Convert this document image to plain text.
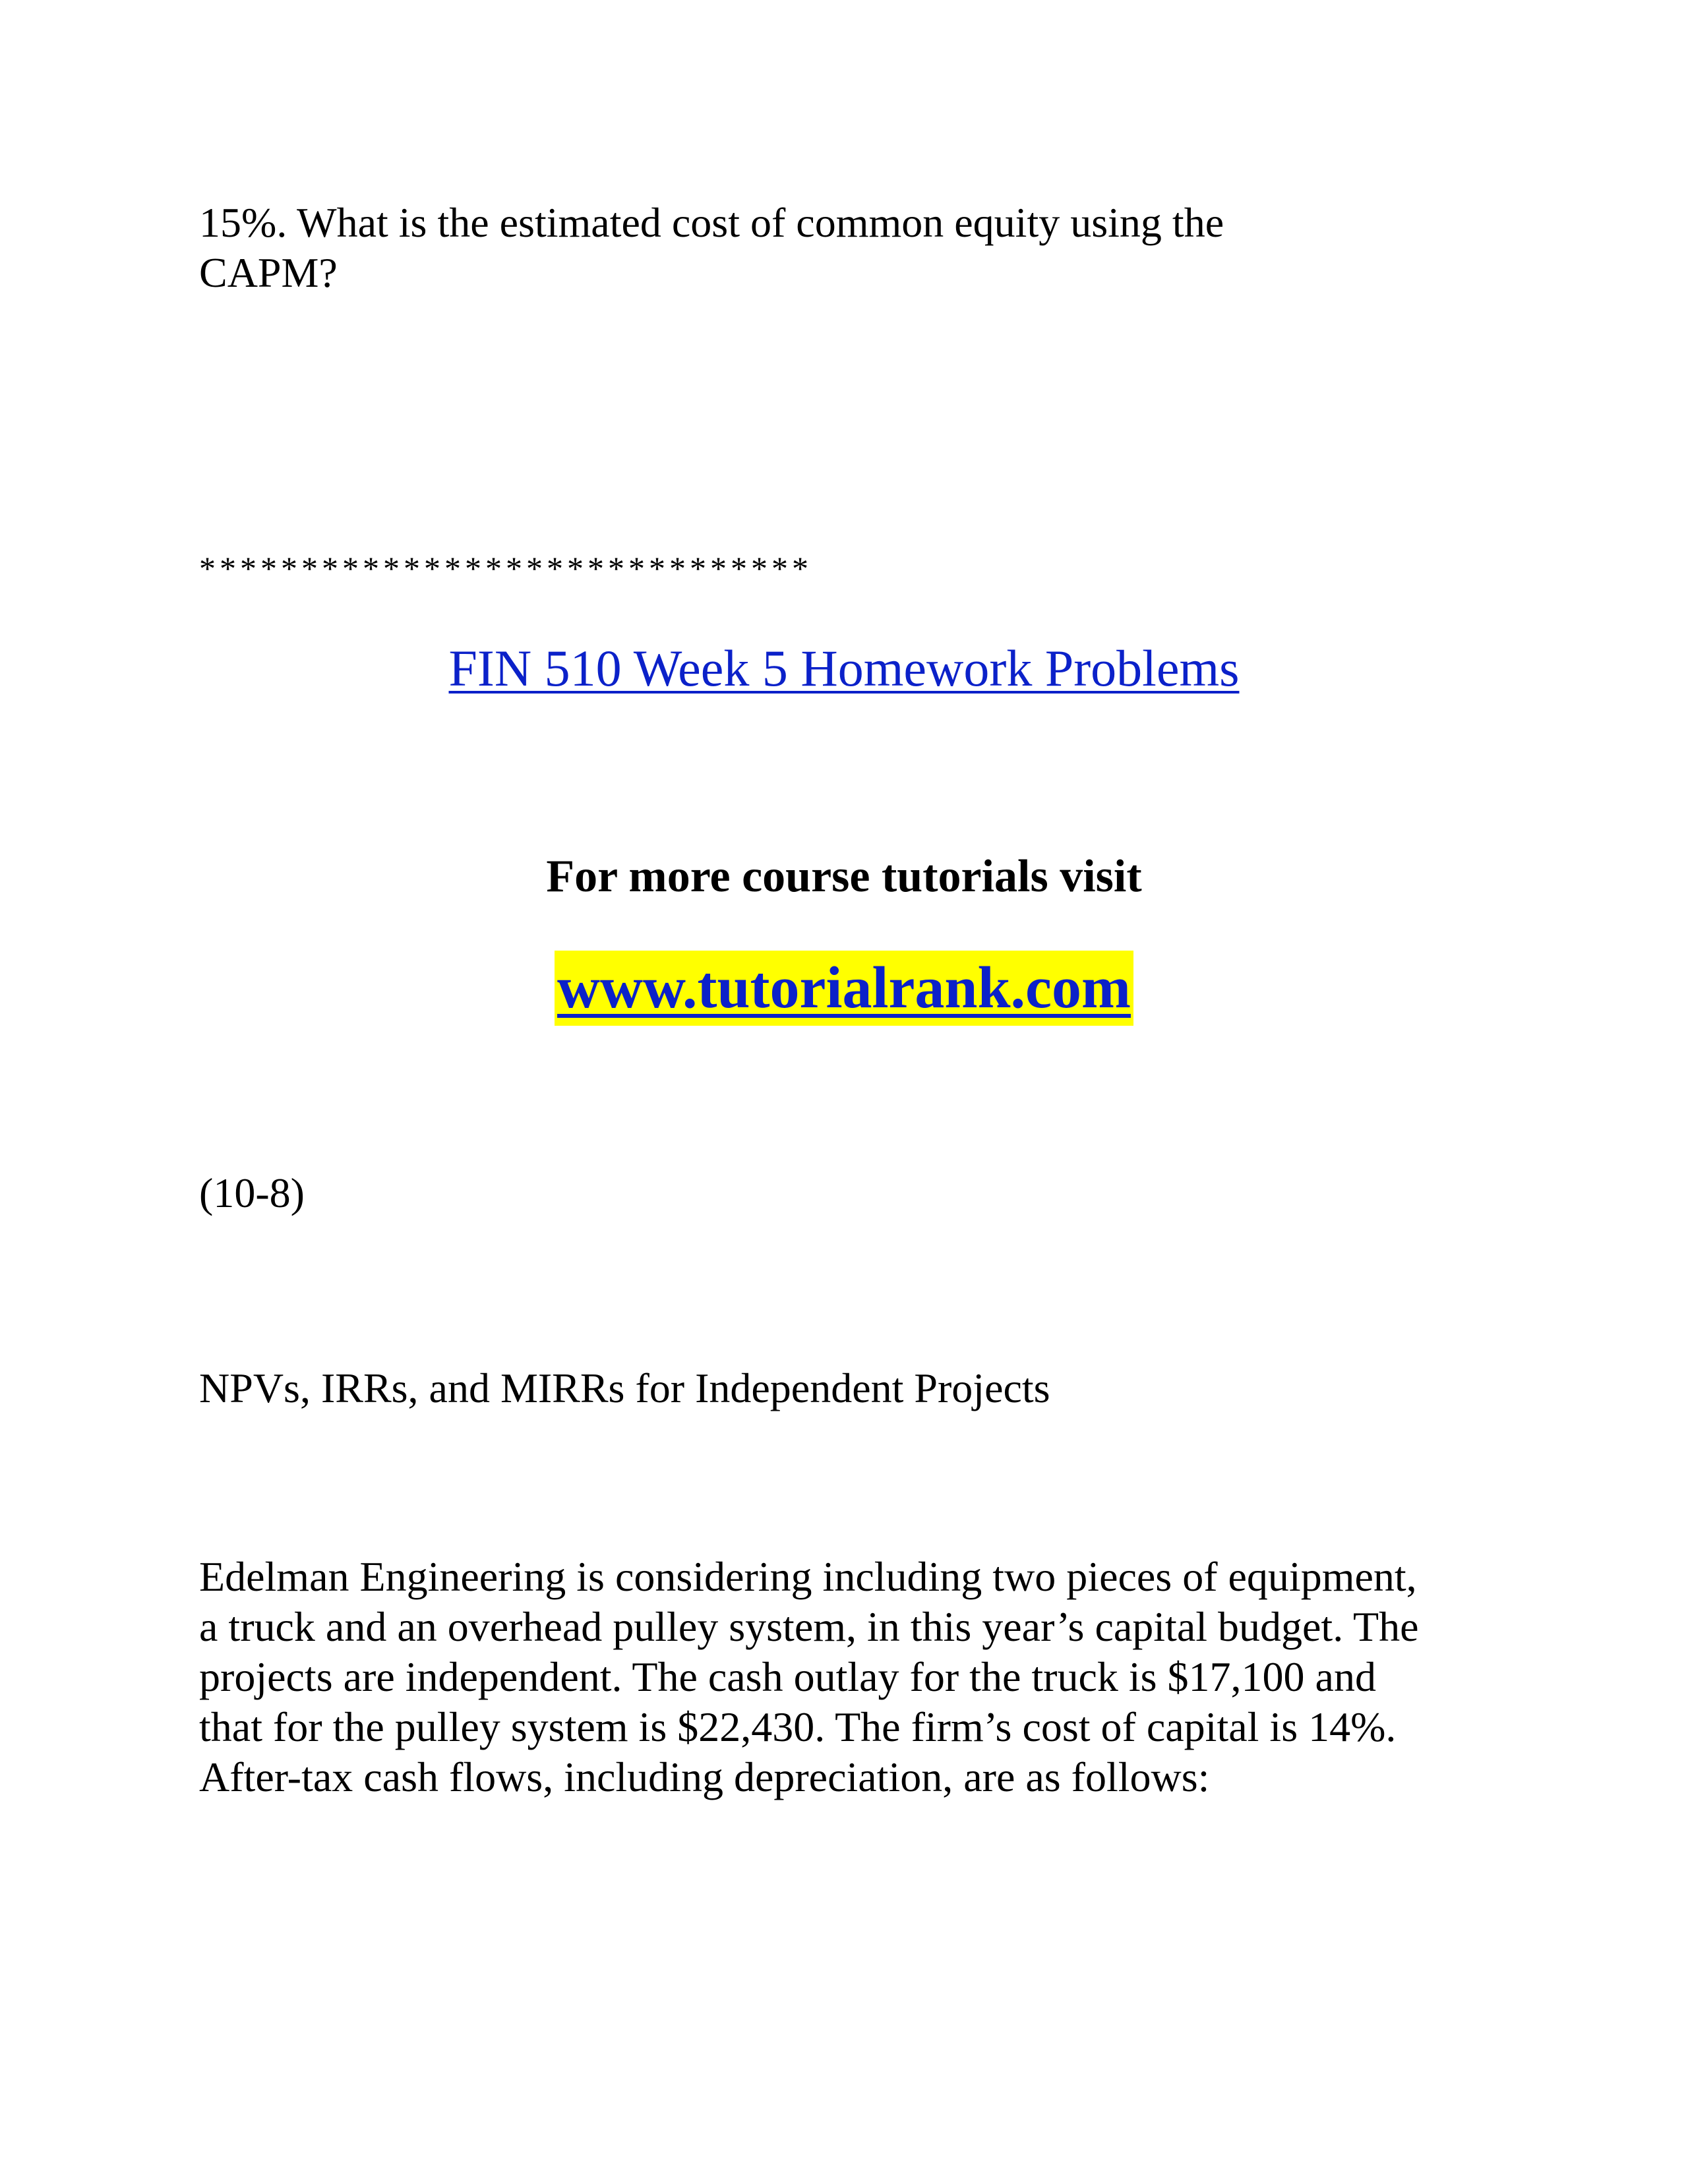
15%. What is the estimated cost of common equity using the
CAPM?

******************************

FIN 510 Week 5 Homework Problems

For more course tutorials visit

www.tutorialrank.com

(10-8)

NPVs, IRRs, and MIRRs for Independent Projects

Edelman Engineering is considering including two pieces of equipment,
a truck and an overhead pulley system, in this year’s capital budget. The
projects are independent. The cash outlay for the truck is $17,100 and
that for the pulley system is $22,430. The firm’s cost of capital is 14%.
After-tax cash flows, including depreciation, are as follows:
